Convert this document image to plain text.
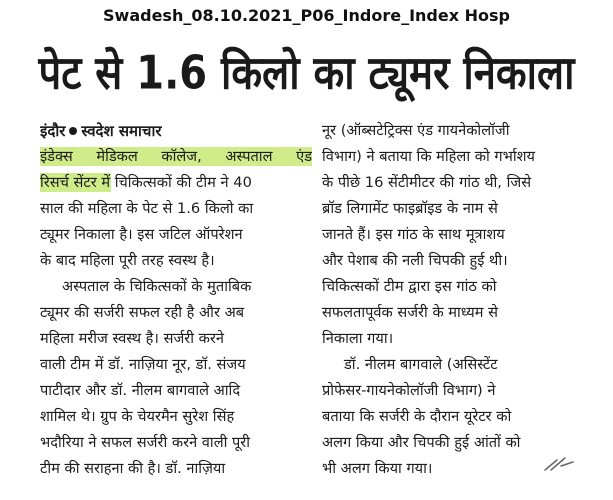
Swadesh_08.10.2021_P06_Indore_Index Hosp
पेट से 1.6 किलो का ट्यूमर निकाला
इंदौर स्वदेश समाचार
इंडेक्स मेडिकल कॉलेज, अस्पताल एंड
रिसर्च सेंटर में चिकित्सकों की टीम ने 40
साल की महिला के पेट से 1.6 किलो का
ट्यूमर निकाला है। इस जटिल ऑपरेशन
के बाद महिला पूरी तरह स्वस्थ है।
अस्पताल के चिकित्सकों के मुताबिक
ट्यूमर की सर्जरी सफल रही है और अब
महिला मरीज स्वस्थ है। सर्जरी करने
वाली टीम में डॉ. नाज़िया नूर, डॉ. संजय
पाटीदार और डॉ. नीलम बागवाले आदि
शामिल थे। ग्रुप के चेयरमैन सुरेश सिंह
भदौरिया ने सफल सर्जरी करने वाली पूरी
टीम की सराहना की है। डॉ. नाज़िया
नूर (ऑब्सटेट्रिक्स एंड गायनेकोलॉजी
विभाग) ने बताया कि महिला को गर्भाशय
के पीछे 16 सेंटीमीटर की गांठ थी, जिसे
ब्रॉड लिगामेंट फाइब्रॉइड के नाम से
जानते हैं। इस गांठ के साथ मूत्राशय
और पेशाब की नली चिपकी हुई थी।
चिकित्सकों टीम द्वारा इस गांठ को
सफलतापूर्वक सर्जरी के माध्यम से
निकाला गया।
डॉ. नीलम बागवाले (असिस्टेंट
प्रोफेसर-गायनेकोलॉजी विभाग) ने
बताया कि सर्जरी के दौरान यूरेटर को
अलग किया और चिपकी हुई आंतों को
भी अलग किया गया।
